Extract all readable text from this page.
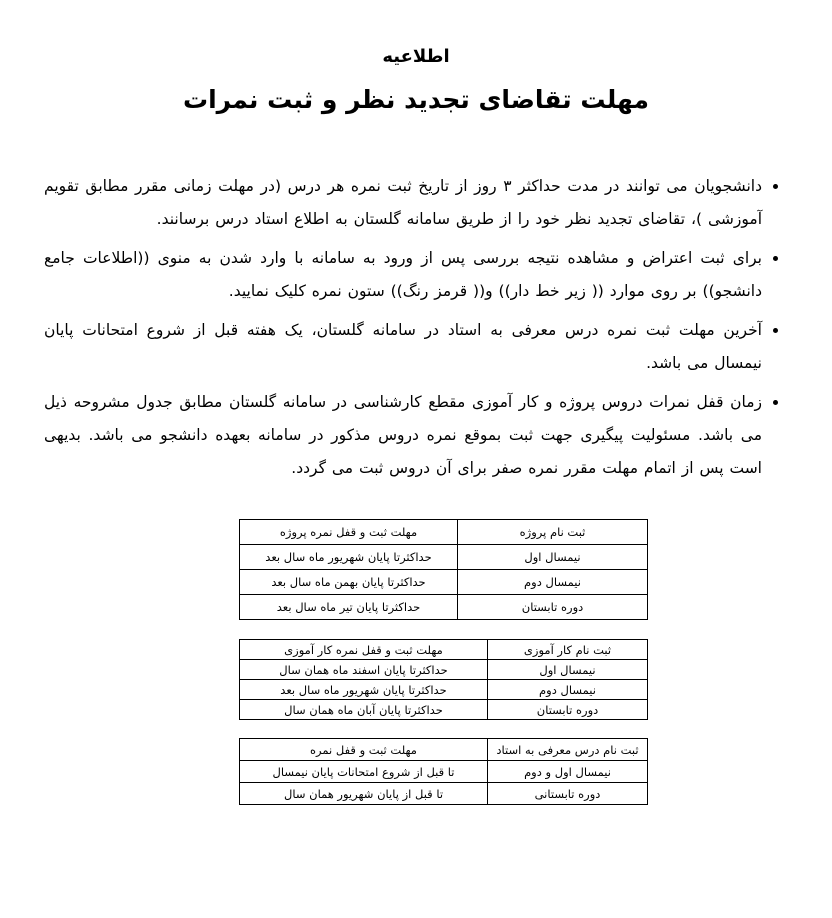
اطلاعیه
مهلت تقاضای تجدید نظر و ثبت نمرات
• دانشجویان می توانند در مدت حداکثر ۳ روز از تاریخ ثبت نمره هر درس (در مهلت زمانی مقرر مطابق تقویم آموزشی )، تقاضای تجدید نظر خود را از طریق سامانه گلستان به اطلاع استاد درس برسانند.
• برای ثبت اعتراض و مشاهده نتیجه بررسی پس از ورود به سامانه با وارد شدن به منوی ((اطلاعات جامع دانشجو)) بر روی موارد (( زیر خط دار)) و(( قرمز رنگ)) ستون نمره کلیک نمایید.
• آخرین مهلت ثبت نمره درس معرفی به استاد در سامانه گلستان، یک هفته قبل از شروع امتحانات پایان نیمسال می باشد.
• زمان قفل نمرات دروس پروژه و کار آموزی مقطع کارشناسی در سامانه گلستان مطابق جدول مشروحه ذیل می باشد. مسئولیت پیگیری جهت ثبت بموقع نمره دروس مذکور در سامانه بعهده دانشجو می باشد. بدیهی است پس از اتمام مهلت مقرر نمره صفر برای آن دروس ثبت می گردد.
ثبت نام پروژه	مهلت ثبت و قفل نمره پروژه
نیمسال اول	حداکثرتا پایان شهریور ماه سال بعد
نیمسال دوم	حداکثرتا پایان بهمن ماه سال بعد
دوره تابستان	حداکثرتا پایان تیر ماه سال بعد
ثبت نام کار آموزی	مهلت ثبت و قفل نمره کار آموزی
نیمسال اول	حداکثرتا پایان اسفند ماه همان سال
نیمسال دوم	حداکثرتا پایان شهریور ماه سال بعد
دوره تابستان	حداکثرتا پایان آبان ماه همان سال
ثبت نام درس معرفی به استاد	مهلت ثبت و قفل نمره
نیمسال اول و دوم	تا قبل از شروع امتحانات پایان نیمسال
دوره تابستانی	تا قبل از پایان شهریور همان سال
